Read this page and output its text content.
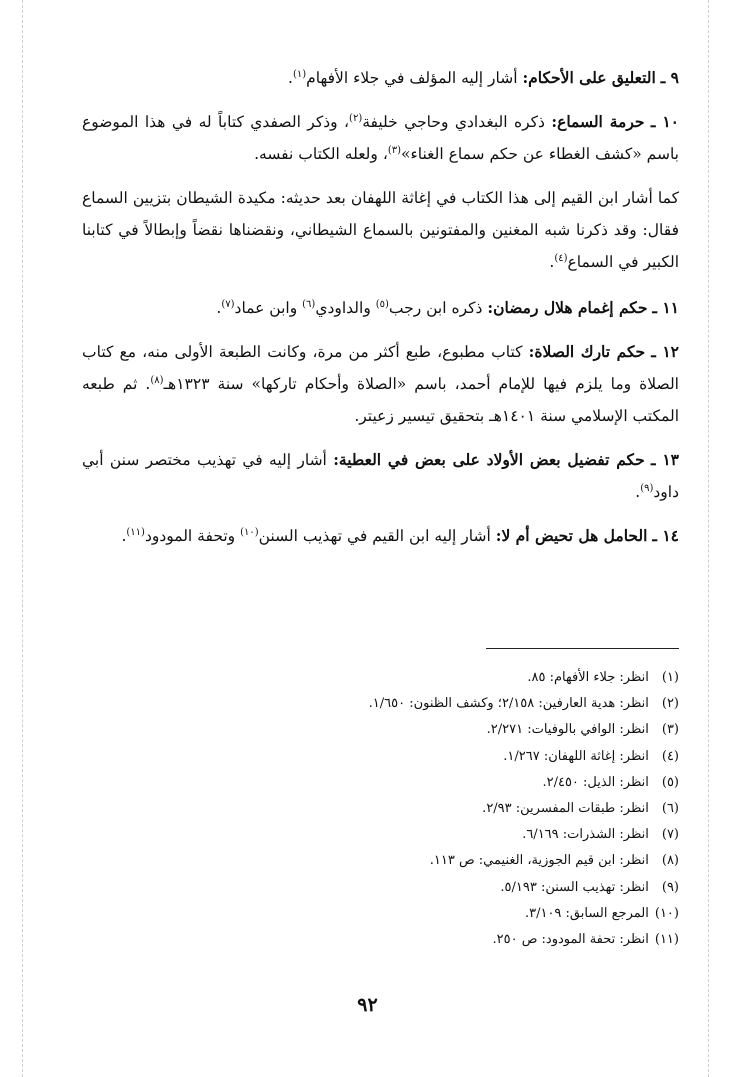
٩ ـ التعليق على الأحكام: أشار إليه المؤلف في جلاء الأفهام$^{(١)}$.

١٠ ـ حرمة السماع: ذكره البغدادي وحاجي خليفة$^{(٢)}$، وذكر الصفدي كتاباً له في هذا الموضوع باسم «كشف الغطاء عن حكم سماع الغناء»$^{(٣)}$، ولعله الكتاب نفسه.

كما أشار ابن القيم إلى هذا الكتاب في إغاثة اللهفان بعد حديثه: مكيدة الشيطان بتزيين السماع فقال: وقد ذكرنا شبه المغنين والمفتونين بالسماع الشيطاني، ونقضناها نقضاً وإبطالاً في كتابنا الكبير في السماع$^{(٤)}$.

١١ ـ حكم إغمام هلال رمضان: ذكره ابن رجب$^{(٥)}$ والداودي$^{(٦)}$ وابن عماد$^{(٧)}$.

١٢ ـ حكم تارك الصلاة: كتاب مطبوع، طبع أكثر من مرة، وكانت الطبعة الأولى منه، مع كتاب الصلاة وما يلزم فيها للإمام أحمد، باسم «الصلاة وأحكام تاركها» سنة ١٣٢٣هـ$^{(٨)}$. ثم طبعه المكتب الإسلامي سنة ١٤٠١هـ بتحقيق تيسير زعيتر.

١٣ ـ حكم تفضيل بعض الأولاد على بعض في العطية: أشار إليه في تهذيب مختصر سنن أبي داود$^{(٩)}$.

١٤ ـ الحامل هل تحيض أم لا: أشار إليه ابن القيم في تهذيب السنن$^{(١٠)}$ وتحفة المودود$^{(١١)}$.

(١) انظر: جلاء الأفهام: ٨٥.
(٢) انظر: هدية العارفين: ٢/١٥٨؛ وكشف الظنون: ١/٦٥٠.
(٣) انظر: الوافي بالوفيات: ٢/٢٧١.
(٤) انظر: إغاثة اللهفان: ١/٢٦٧.
(٥) انظر: الذيل: ٢/٤٥٠.
(٦) انظر: طبقات المفسرين: ٢/٩٣.
(٧) انظر: الشذرات: ٦/١٦٩.
(٨) انظر: ابن قيم الجوزية، الغنيمي: ص ١١٣.
(٩) انظر: تهذيب السنن: ٥/١٩٣.
(١٠) المرجع السابق: ٣/١٠٩.
(١١) انظر: تحفة المودود: ص ٢٥٠.
٩٢
